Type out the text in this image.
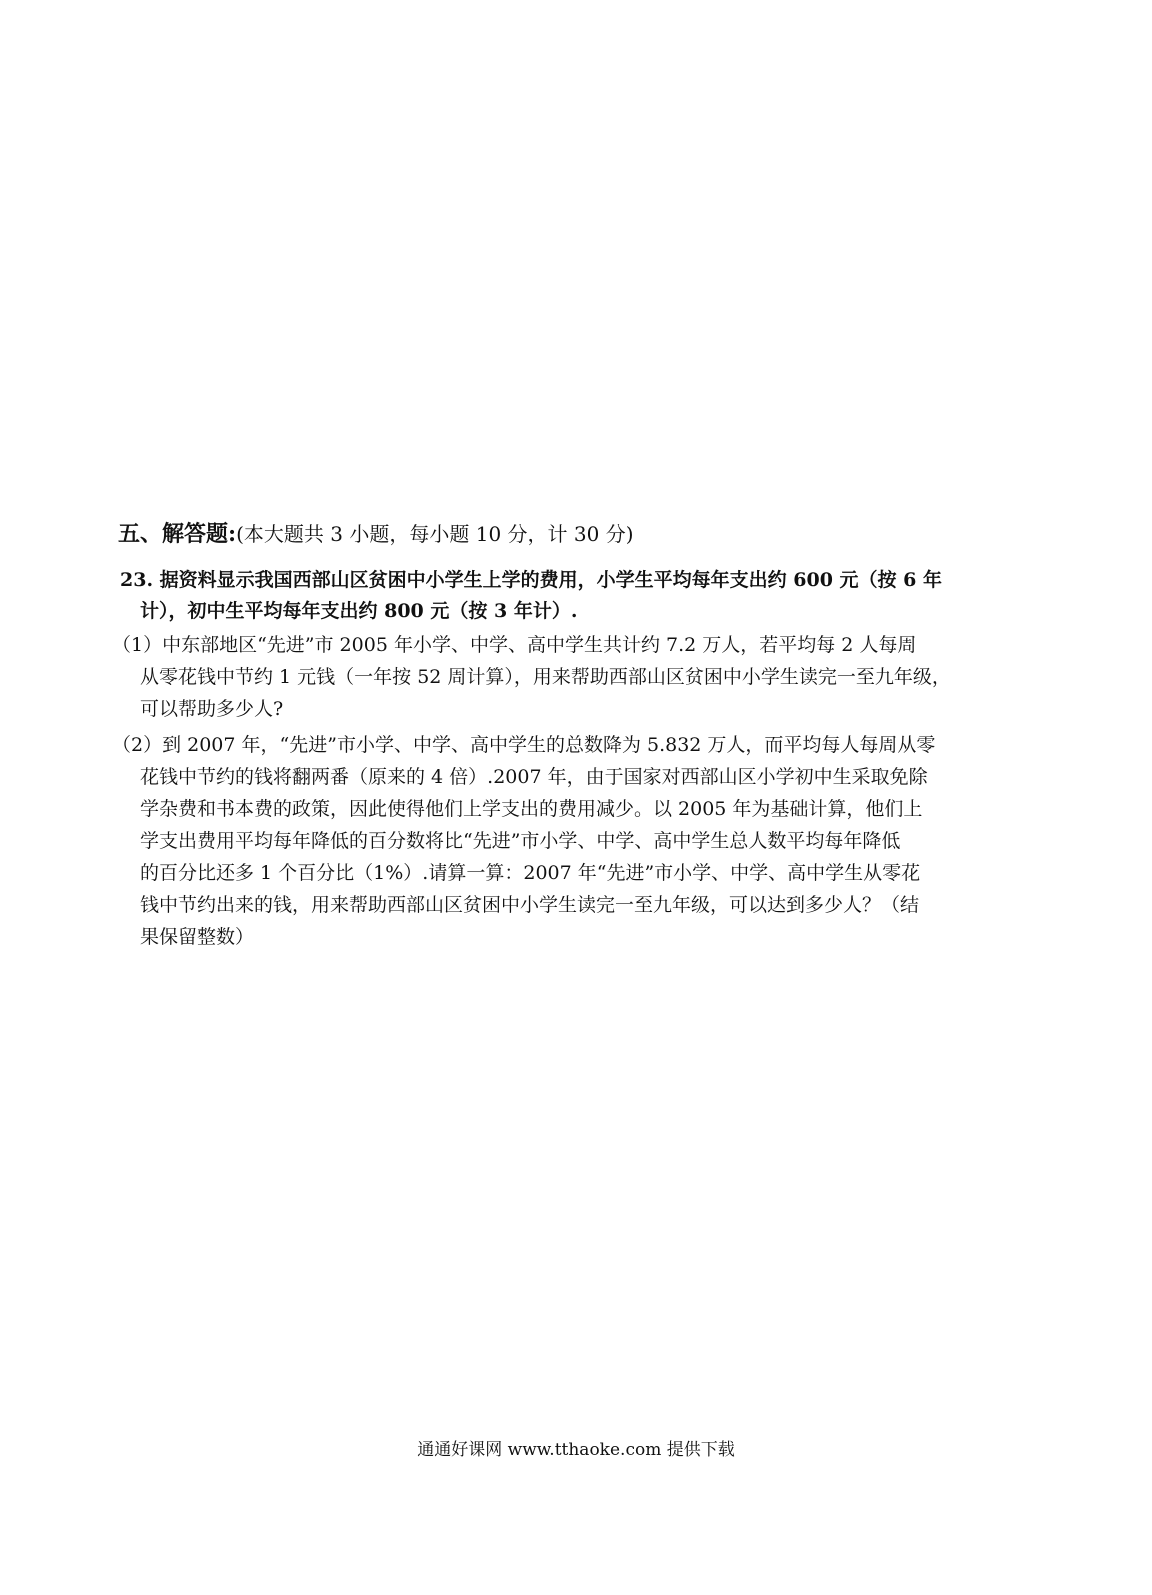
五、解答题:(本大题共 3 小题，每小题 10 分，计 30 分)
23. 据资料显示我国西部山区贫困中小学生上学的费用，小学生平均每年支出约 600 元（按 6 年
计），初中生平均每年支出约 800 元（按 3 年计）.
（1）中东部地区“先进”市 2005 年小学、中学、高中学生共计约 7.2 万人，若平均每 2 人每周
从零花钱中节约 1 元钱（一年按 52 周计算），用来帮助西部山区贫困中小学生读完一至九年级，
可以帮助多少人?
（2）到 2007 年，“先进”市小学、中学、高中学生的总数降为 5.832 万人，而平均每人每周从零
花钱中节约的钱将翻两番（原来的 4 倍）.2007 年，由于国家对西部山区小学初中生采取免除
学杂费和书本费的政策，因此使得他们上学支出的费用减少。以 2005 年为基础计算，他们上
学支出费用平均每年降低的百分数将比“先进”市小学、中学、高中学生总人数平均每年降低
的百分比还多 1 个百分比（1%）.请算一算：2007 年“先进”市小学、中学、高中学生从零花
钱中节约出来的钱，用来帮助西部山区贫困中小学生读完一至九年级，可以达到多少人？（结
果保留整数）
通通好课网 www.tthaoke.com 提供下载
